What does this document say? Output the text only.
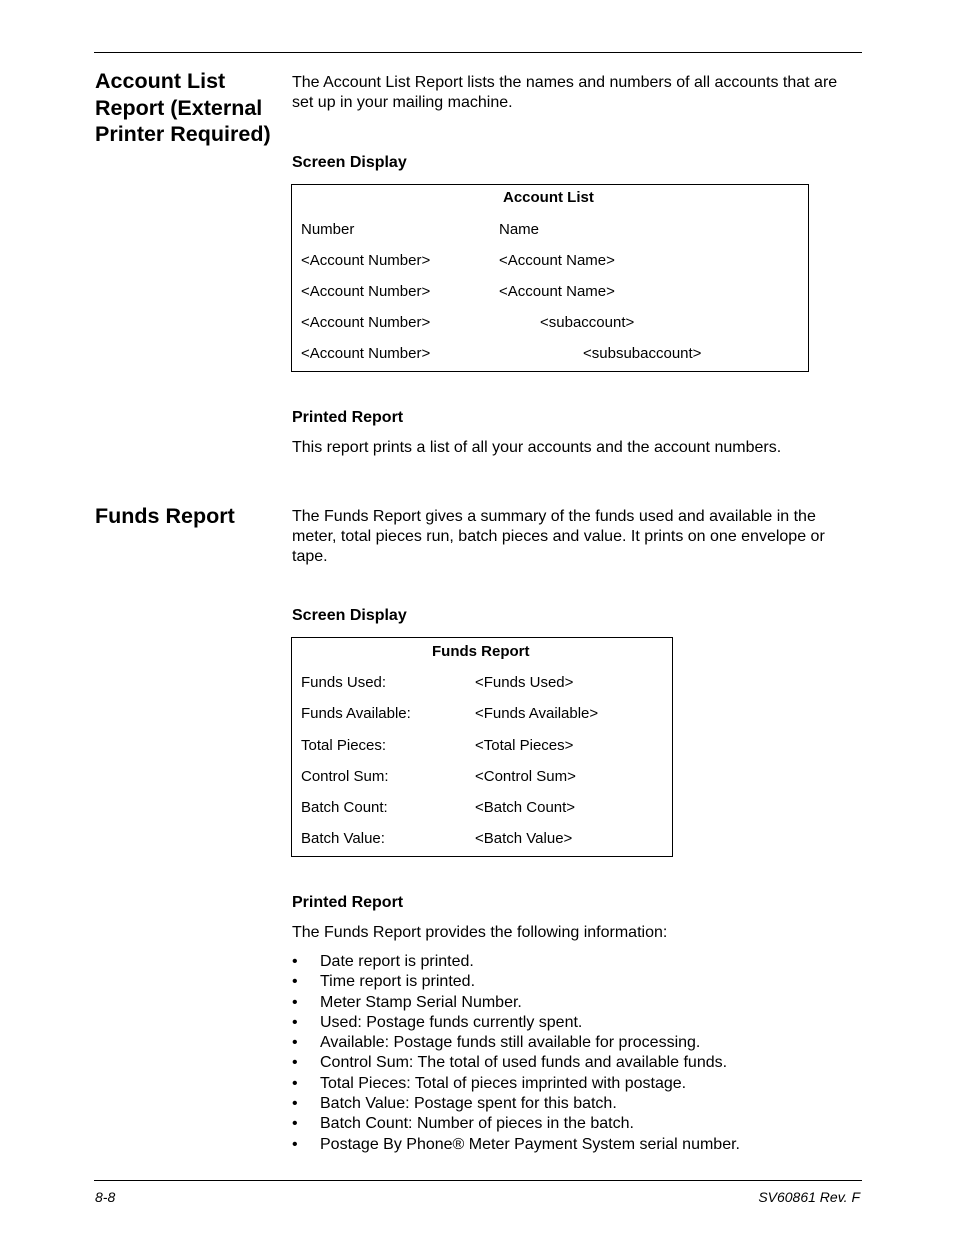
Account List Report (External Printer Required)
The Account List Report lists the names and numbers of all accounts that are set up in your mailing machine.
Screen Display
Account List
Number	Name
<Account Number>	<Account Name>
<Account Number>	<Account Name>
<Account Number>	<subaccount>
<Account Number>	<subsubaccount>
Printed Report
This report prints a list of all your accounts and the account numbers.
Funds Report	The Funds Report gives a summary of the funds used and available in the meter, total pieces run, batch pieces and value. It prints on one envelope or tape.
Screen Display
Funds Report
Funds Used:	<Funds Used>
Funds Available:	<Funds Available>
Total Pieces:	<Total Pieces>
Control Sum:	<Control Sum>
Batch Count:	<Batch Count>
Batch Value:	<Batch Value>
Printed Report
The Funds Report provides the following information:
• Date report is printed.
• Time report is printed.
• Meter Stamp Serial Number.
• Used: Postage funds currently spent.
• Available: Postage funds still available for processing.
• Control Sum: The total of used funds and available funds.
• Total Pieces: Total of pieces imprinted with postage.
• Batch Value: Postage spent for this batch.
• Batch Count: Number of pieces in the batch.
• Postage By Phone® Meter Payment System serial number.
8-8	SV60861 Rev. F
